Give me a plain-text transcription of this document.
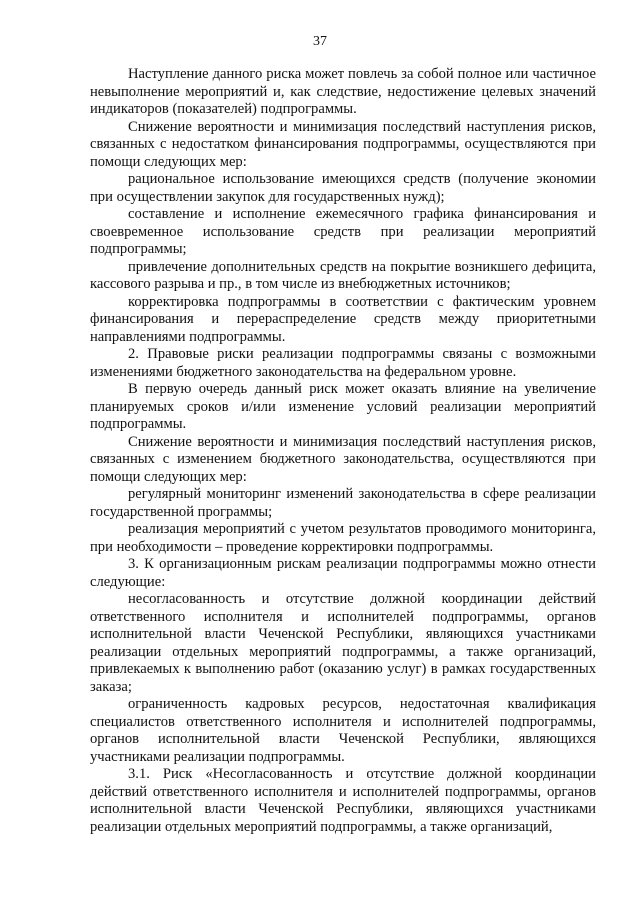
37

Наступление данного риска может повлечь за собой полное или частичное невыполнение мероприятий и, как следствие, недостижение целевых значений индикаторов (показателей) подпрограммы.

Снижение вероятности и минимизация последствий наступления рисков, связанных с недостатком финансирования подпрограммы, осуществляются при помощи следующих мер:

рациональное использование имеющихся средств (получение экономии при осуществлении закупок для государственных нужд);

составление и исполнение ежемесячного графика финансирования и своевременное использование средств при реализации мероприятий подпрограммы;

привлечение дополнительных средств на покрытие возникшего дефицита, кассового разрыва и пр., в том числе из внебюджетных источников;

корректировка подпрограммы в соответствии с фактическим уровнем финансирования и перераспределение средств между приоритетными направлениями подпрограммы.

2. Правовые риски реализации подпрограммы связаны с возможными изменениями бюджетного законодательства на федеральном уровне.

В первую очередь данный риск может оказать влияние на увеличение планируемых сроков и/или изменение условий реализации мероприятий подпрограммы.

Снижение вероятности и минимизация последствий наступления рисков, связанных с изменением бюджетного законодательства, осуществляются при помощи следующих мер:

регулярный мониторинг изменений законодательства в сфере реализации государственной программы;

реализация мероприятий с учетом результатов проводимого мониторинга, при необходимости – проведение корректировки подпрограммы.

3. К организационным рискам реализации подпрограммы можно отнести следующие:

несогласованность и отсутствие должной координации действий ответственного исполнителя и исполнителей подпрограммы, органов исполнительной власти Чеченской Республики, являющихся участниками реализации отдельных мероприятий подпрограммы, а также организаций, привлекаемых к выполнению работ (оказанию услуг) в рамках государственных заказа;

ограниченность кадровых ресурсов, недостаточная квалификация специалистов ответственного исполнителя и исполнителей подпрограммы, органов исполнительной власти Чеченской Республики, являющихся участниками реализации подпрограммы.

3.1. Риск «Несогласованность и отсутствие должной координации действий ответственного исполнителя и исполнителей подпрограммы, органов исполнительной власти Чеченской Республики, являющихся участниками реализации отдельных мероприятий подпрограммы, а также организаций,
